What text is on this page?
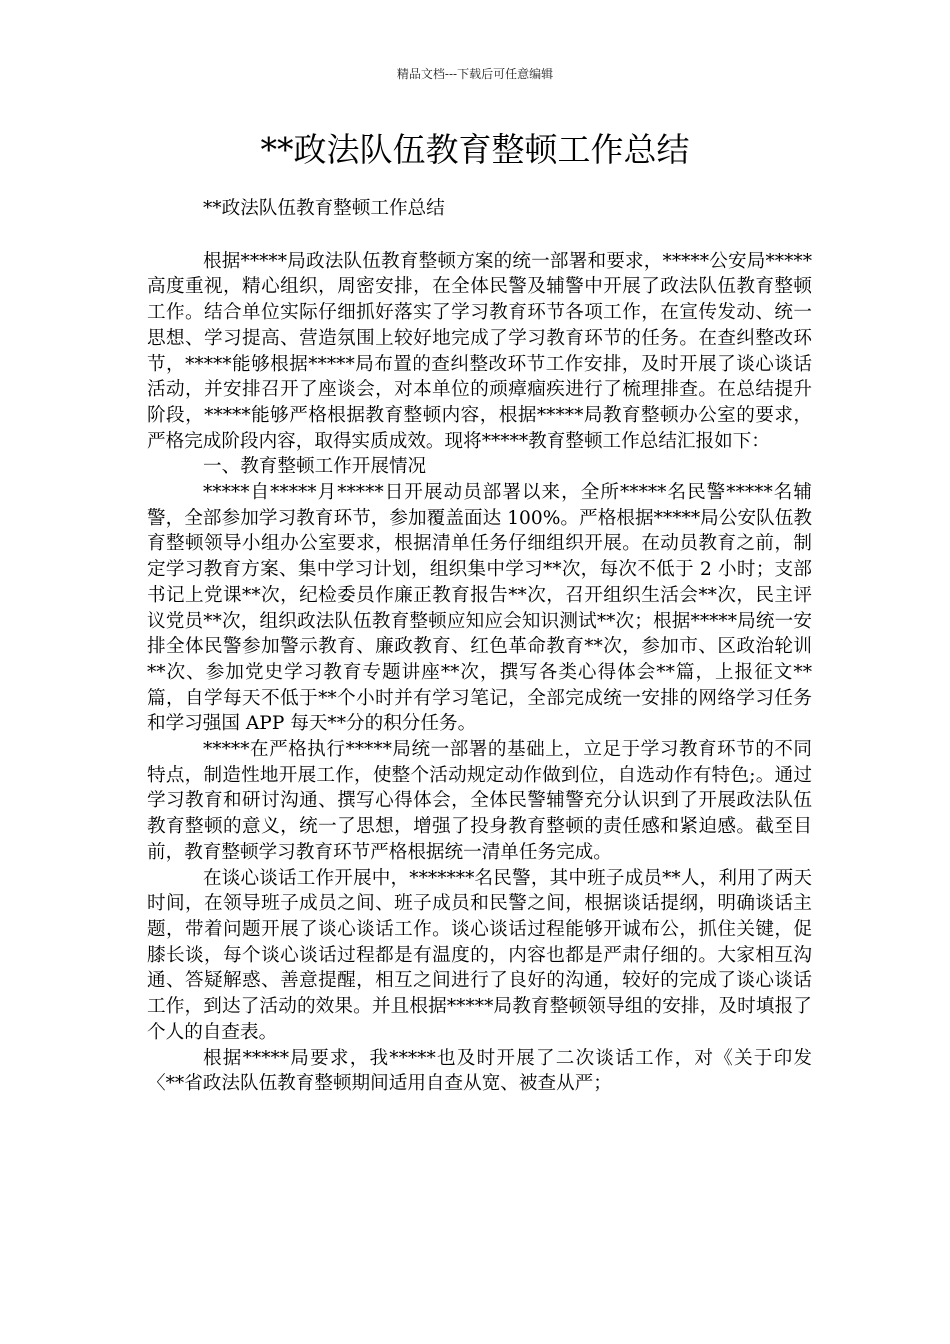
精品文档---下载后可任意编辑
**政法队伍教育整顿工作总结

**政法队伍教育整顿工作总结

根据*****局政法队伍教育整顿方案的统一部署和要求，*****公安局*****高度重视，精心组织，周密安排，在全体民警及辅警中开展了政法队伍教育整顿工作。结合单位实际仔细抓好落实了学习教育环节各项工作，在宣传发动、统一思想、学习提高、营造氛围上较好地完成了学习教育环节的任务。在查纠整改环节，*****能够根据*****局布置的查纠整改环节工作安排，及时开展了谈心谈话活动，并安排召开了座谈会，对本单位的顽瘴痼疾进行了梳理排查。在总结提升阶段，*****能够严格根据教育整顿内容，根据*****局教育整顿办公室的要求，严格完成阶段内容，取得实质成效。现将*****教育整顿工作总结汇报如下：

一、教育整顿工作开展情况

*****自*****月*****日开展动员部署以来，全所*****名民警*****名辅警，全部参加学习教育环节，参加覆盖面达 100%。严格根据*****局公安队伍教育整顿领导小组办公室要求，根据清单任务仔细组织开展。在动员教育之前，制定学习教育方案、集中学习计划，组织集中学习**次，每次不低于 2 小时；支部书记上党课**次，纪检委员作廉正教育报告**次，召开组织生活会**次，民主评议党员**次，组织政法队伍教育整顿应知应会知识测试**次；根据*****局统一安排全体民警参加警示教育、廉政教育、红色革命教育**次，参加市、区政治轮训**次、参加党史学习教育专题讲座**次，撰写各类心得体会**篇，上报征文**篇，自学每天不低于**个小时并有学习笔记，全部完成统一安排的网络学习任务和学习强国 APP 每天**分的积分任务。

*****在严格执行*****局统一部署的基础上，立足于学习教育环节的不同特点，制造性地开展工作，使整个活动规定动作做到位，自选动作有特色;。通过学习教育和研讨沟通、撰写心得体会，全体民警辅警充分认识到了开展政法队伍教育整顿的意义，统一了思想，增强了投身教育整顿的责任感和紧迫感。截至目前，教育整顿学习教育环节严格根据统一清单任务完成。

在谈心谈话工作开展中，*******名民警，其中班子成员**人，利用了两天时间，在领导班子成员之间、班子成员和民警之间，根据谈话提纲，明确谈话主题，带着问题开展了谈心谈话工作。谈心谈话过程能够开诚布公，抓住关键，促膝长谈，每个谈心谈话过程都是有温度的，内容也都是严肃仔细的。大家相互沟通、答疑解惑、善意提醒，相互之间进行了良好的沟通，较好的完成了谈心谈话工作，到达了活动的效果。并且根据*****局教育整顿领导组的安排，及时填报了个人的自查表。

根据*****局要求，我*****也及时开展了二次谈话工作，对《关于印发〈**省政法队伍教育整顿期间适用自查从宽、被查从严；
